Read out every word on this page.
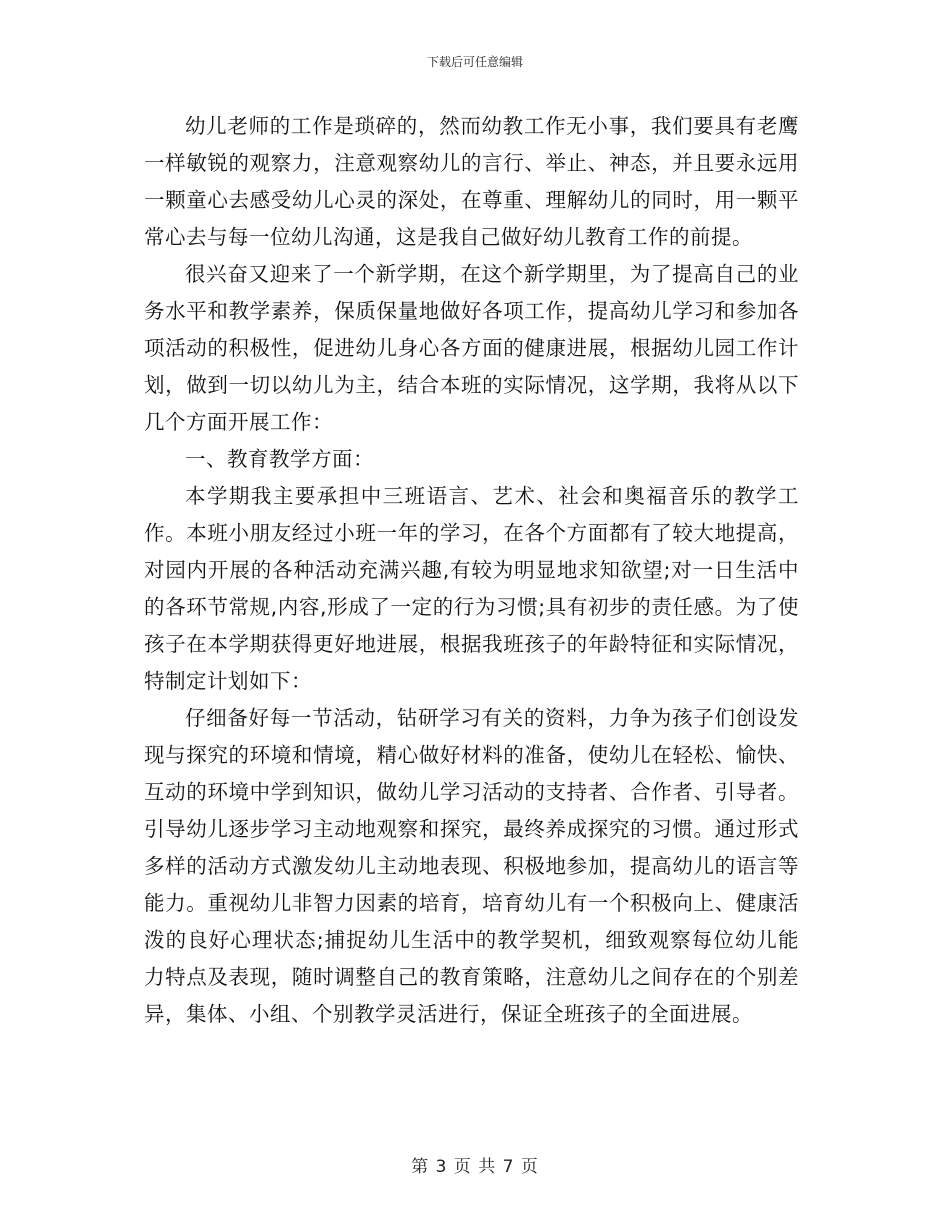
下载后可任意编辑

幼儿老师的工作是琐碎的，然而幼教工作无小事，我们要具有老鹰一样敏锐的观察力，注意观察幼儿的言行、举止、神态，并且要永远用一颗童心去感受幼儿心灵的深处，在尊重、理解幼儿的同时，用一颗平常心去与每一位幼儿沟通，这是我自己做好幼儿教育工作的前提。

很兴奋又迎来了一个新学期，在这个新学期里，为了提高自己的业务水平和教学素养，保质保量地做好各项工作，提高幼儿学习和参加各项活动的积极性，促进幼儿身心各方面的健康进展，根据幼儿园工作计划，做到一切以幼儿为主，结合本班的实际情况，这学期，我将从以下几个方面开展工作：

一、教育教学方面：

本学期我主要承担中三班语言、艺术、社会和奥福音乐的教学工作。本班小朋友经过小班一年的学习，在各个方面都有了较大地提高，对园内开展的各种活动充满兴趣,有较为明显地求知欲望;对一日生活中的各环节常规,内容,形成了一定的行为习惯;具有初步的责任感。为了使孩子在本学期获得更好地进展，根据我班孩子的年龄特征和实际情况，特制定计划如下：

仔细备好每一节活动，钻研学习有关的资料，力争为孩子们创设发现与探究的环境和情境，精心做好材料的准备，使幼儿在轻松、愉快、互动的环境中学到知识，做幼儿学习活动的支持者、合作者、引导者。引导幼儿逐步学习主动地观察和探究，最终养成探究的习惯。通过形式多样的活动方式激发幼儿主动地表现、积极地参加，提高幼儿的语言等能力。重视幼儿非智力因素的培育，培育幼儿有一个积极向上、健康活泼的良好心理状态;捕捉幼儿生活中的教学契机，细致观察每位幼儿能力特点及表现，随时调整自己的教育策略，注意幼儿之间存在的个别差异，集体、小组、个别教学灵活进行，保证全班孩子的全面进展。

第 3 页 共 7 页
